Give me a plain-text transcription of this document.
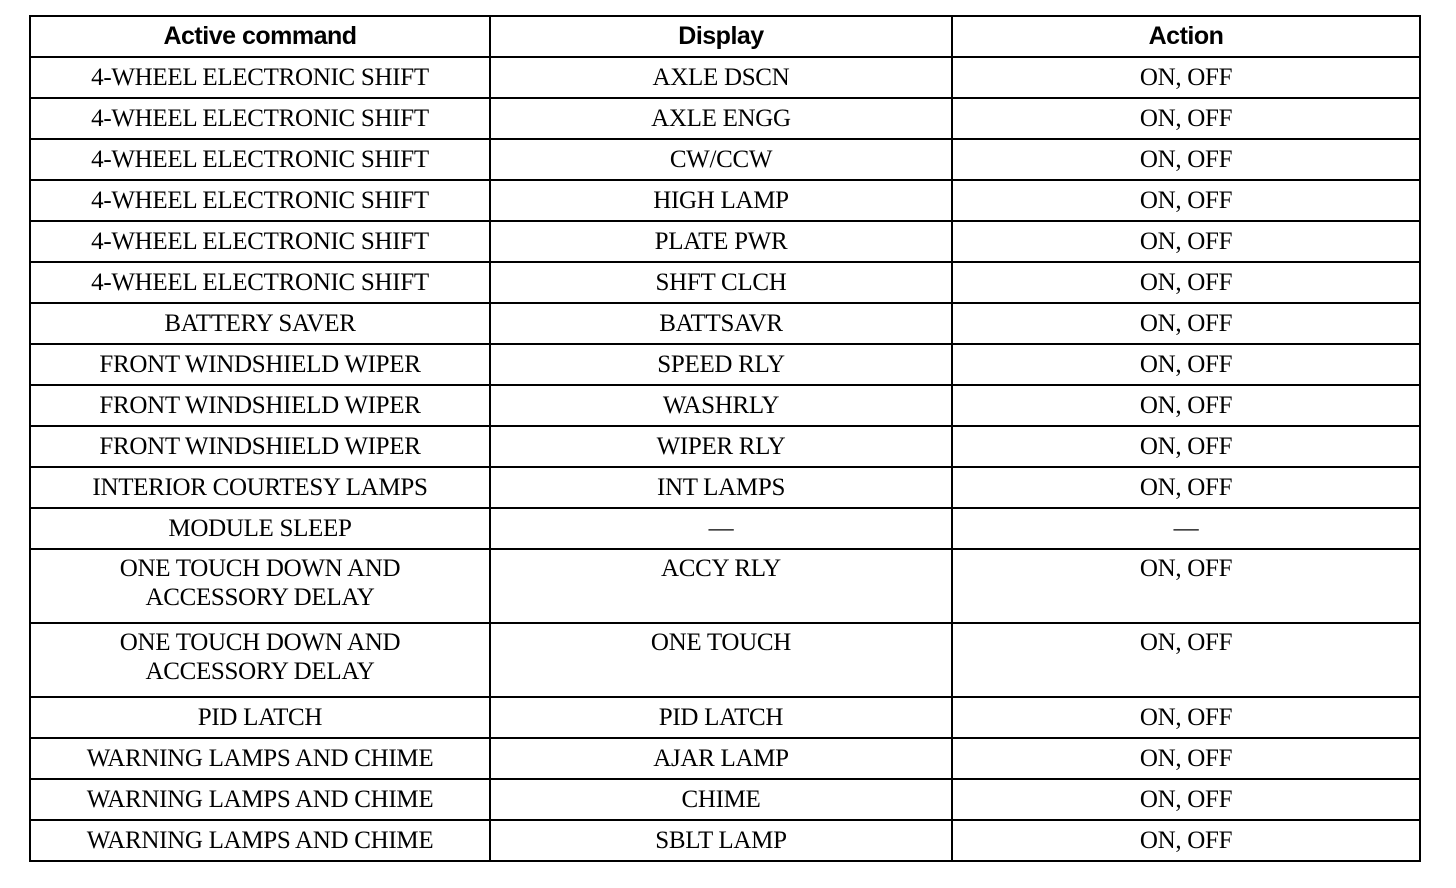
Active command	Display	Action

4-WHEEL ELECTRONIC SHIFT	AXLE DSCN	ON, OFF

4-WHEEL ELECTRONIC SHIFT	AXLE ENGG	ON, OFF

4-WHEEL ELECTRONIC SHIFT	CW/CCW	ON, OFF

4-WHEEL ELECTRONIC SHIFT	HIGH LAMP	ON, OFF

4-WHEEL ELECTRONIC SHIFT	PLATE PWR	ON, OFF

4-WHEEL ELECTRONIC SHIFT	SHFT CLCH	ON, OFF

BATTERY SAVER	BATTSAVR	ON, OFF

FRONT WINDSHIELD WIPER	SPEED RLY	ON, OFF

FRONT WINDSHIELD WIPER	WASHRLY	ON, OFF

FRONT WINDSHIELD WIPER	WIPER RLY	ON, OFF

INTERIOR COURTESY LAMPS	INT LAMPS	ON, OFF

MODULE SLEEP	—	—

ONE TOUCH DOWN AND
ACCESSORY DELAY	ACCY RLY	ON, OFF

ONE TOUCH DOWN AND
ACCESSORY DELAY	ONE TOUCH	ON, OFF

PID LATCH	PID LATCH	ON, OFF

WARNING LAMPS AND CHIME	AJAR LAMP	ON, OFF

WARNING LAMPS AND CHIME	CHIME	ON, OFF

WARNING LAMPS AND CHIME	SBLT LAMP	ON, OFF
